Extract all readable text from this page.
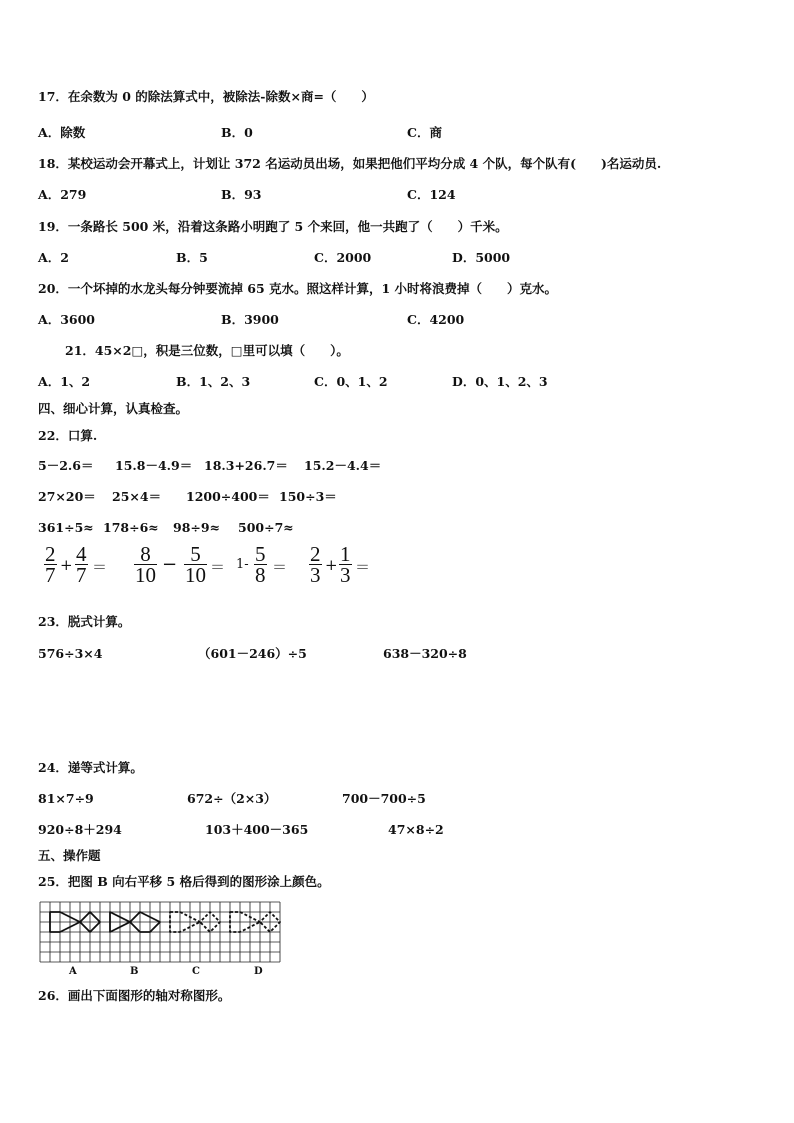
17．在余数为 0 的除法算式中，被除法-除数×商=（　　）
A．除数	B．0	C．商
18．某校运动会开幕式上，计划让 372 名运动员出场，如果把他们平均分成 4 个队，每个队有(　　)名运动员.
A．279	B．93	C．124
19．一条路长 500 米，沿着这条路小明跑了 5 个来回，他一共跑了（　　）千米。
A．2	B．5	C．2000	D．5000
20．一个坏掉的水龙头每分钟要流掉 65 克水。照这样计算，1 小时将浪费掉（　　）克水。
A．3600	B．3900	C．4200
21．45×2□，积是三位数，□里可以填（　　）。
A．1、2	B．1、2、3	C．0、1、2	D．0、1、2、3
四、细心计算，认真检查。
22．口算.
5－2.6＝ 15.8－4.9＝ 18.3+26.7＝ 15.2－4.4＝
27×20＝ 25×4＝ 1200÷400＝ 150÷3＝
361÷5≈ 178÷6≈ 98÷9≈ 500÷7≈
$\frac{2}{7} + \frac{4}{7} = \frac{8}{10} - \frac{5}{10} = 1- \frac{5}{8} = \frac{2}{3} + \frac{1}{3}$ ＝
23．脱式计算。
576÷3×4	（601－246）÷5	638－320÷8
24．递等式计算。
81×7÷9	672÷（2×3）	700－700÷5
920÷8＋294	103＋400－365	47×8÷2
五、操作题
25．把图 B 向右平移 5 格后得到的图形涂上颜色。
A	B	C	D
26．画出下面图形的轴对称图形。
